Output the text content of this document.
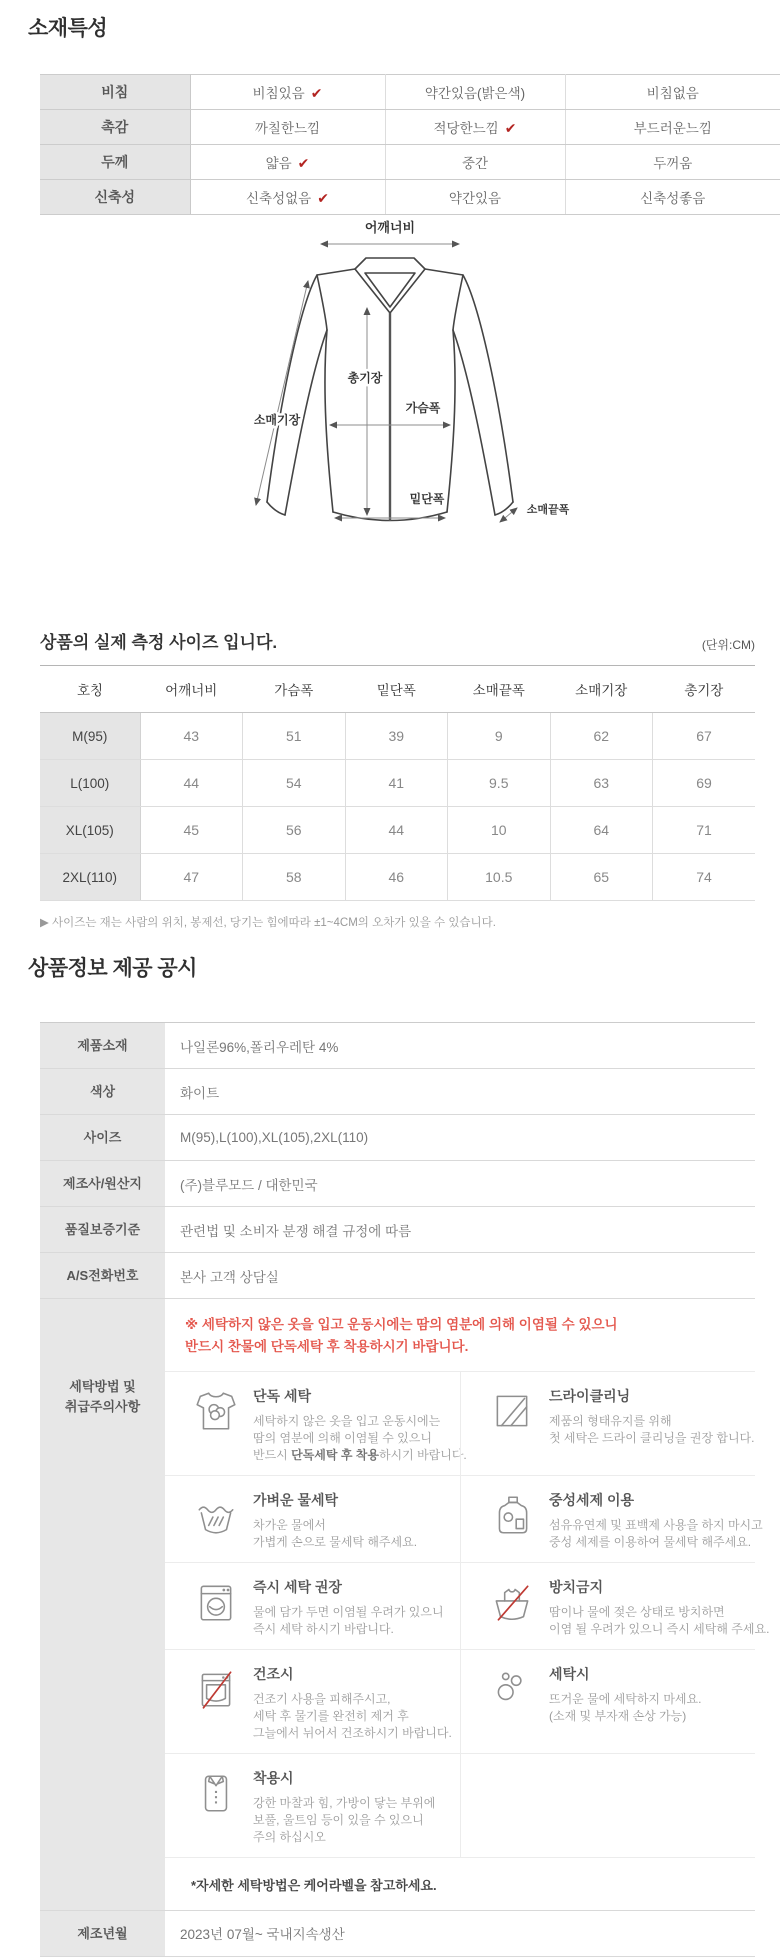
소재특성
비침	비침있음 ✔	약간있음(밝은색)	비침없음
촉감	까칠한느낌	적당한느낌 ✔	부드러운느낌
두께	얇음 ✔	중간	두꺼움
신축성	신축성없음 ✔	약간있음	신축성좋음
어깨너비
총기장
가슴폭
소매기장
밑단폭
소매끝폭
상품의 실제 측정 사이즈 입니다.	(단위:CM)
호칭	어깨너비	가슴폭	밑단폭	소매끝폭	소매기장	총기장
M(95)	43	51	39	9	62	67
L(100)	44	54	41	9.5	63	69
XL(105)	45	56	44	10	64	71
2XL(110)	47	58	46	10.5	65	74
▶ 사이즈는 재는 사람의 위치, 봉제선, 당기는 힘에따라 ±1~4CM의 오차가 있을 수 있습니다.
상품정보 제공 공시
제품소재	나일론96%,폴리우레탄 4%
색상	화이트
사이즈	M(95),L(100),XL(105),2XL(110)
제조사/원산지	(주)블루모드 / 대한민국
품질보증기준	관련법 및 소비자 분쟁 해결 규정에 따름
A/S전화번호	본사 고객 상담실
세탁방법 및
취급주의사항
※ 세탁하지 않은 옷을 입고 운동시에는 땀의 염분에 의해 이염될 수 있으니
반드시 찬물에 단독세탁 후 착용하시기 바랍니다.
단독 세탁
세탁하지 않은 옷을 입고 운동시에는
땀의 염분에 의해 이염될 수 있으니
반드시 단독세탁 후 착용하시기 바랍니다.
드라이클리닝
제품의 형태유지를 위해
첫 세탁은 드라이 클리닝을 권장 합니다.
가벼운 물세탁
차가운 물에서
가볍게 손으로 물세탁 해주세요.
중성세제 이용
섬유유연제 및 표백제 사용을 하지 마시고
중성 세제를 이용하여 물세탁 해주세요.
즉시 세탁 권장
물에 담가 두면 이염될 우려가 있으니
즉시 세탁 하시기 바랍니다.
방치금지
땀이나 물에 젖은 상태로 방치하면
이염 될 우려가 있으니 즉시 세탁해 주세요.
건조시
건조기 사용을 피해주시고,
세탁 후 물기를 완전히 제거 후
그늘에서 뉘어서 건조하시기 바랍니다.
세탁시
뜨거운 물에 세탁하지 마세요.
(소재 및 부자재 손상 가능)
착용시
강한 마찰과 힘, 가방이 닿는 부위에
보풀, 울트임 등이 있을 수 있으니
주의 하십시오
*자세한 세탁방법은 케어라벨을 참고하세요.
제조년월	2023년 07월~ 국내지속생산
